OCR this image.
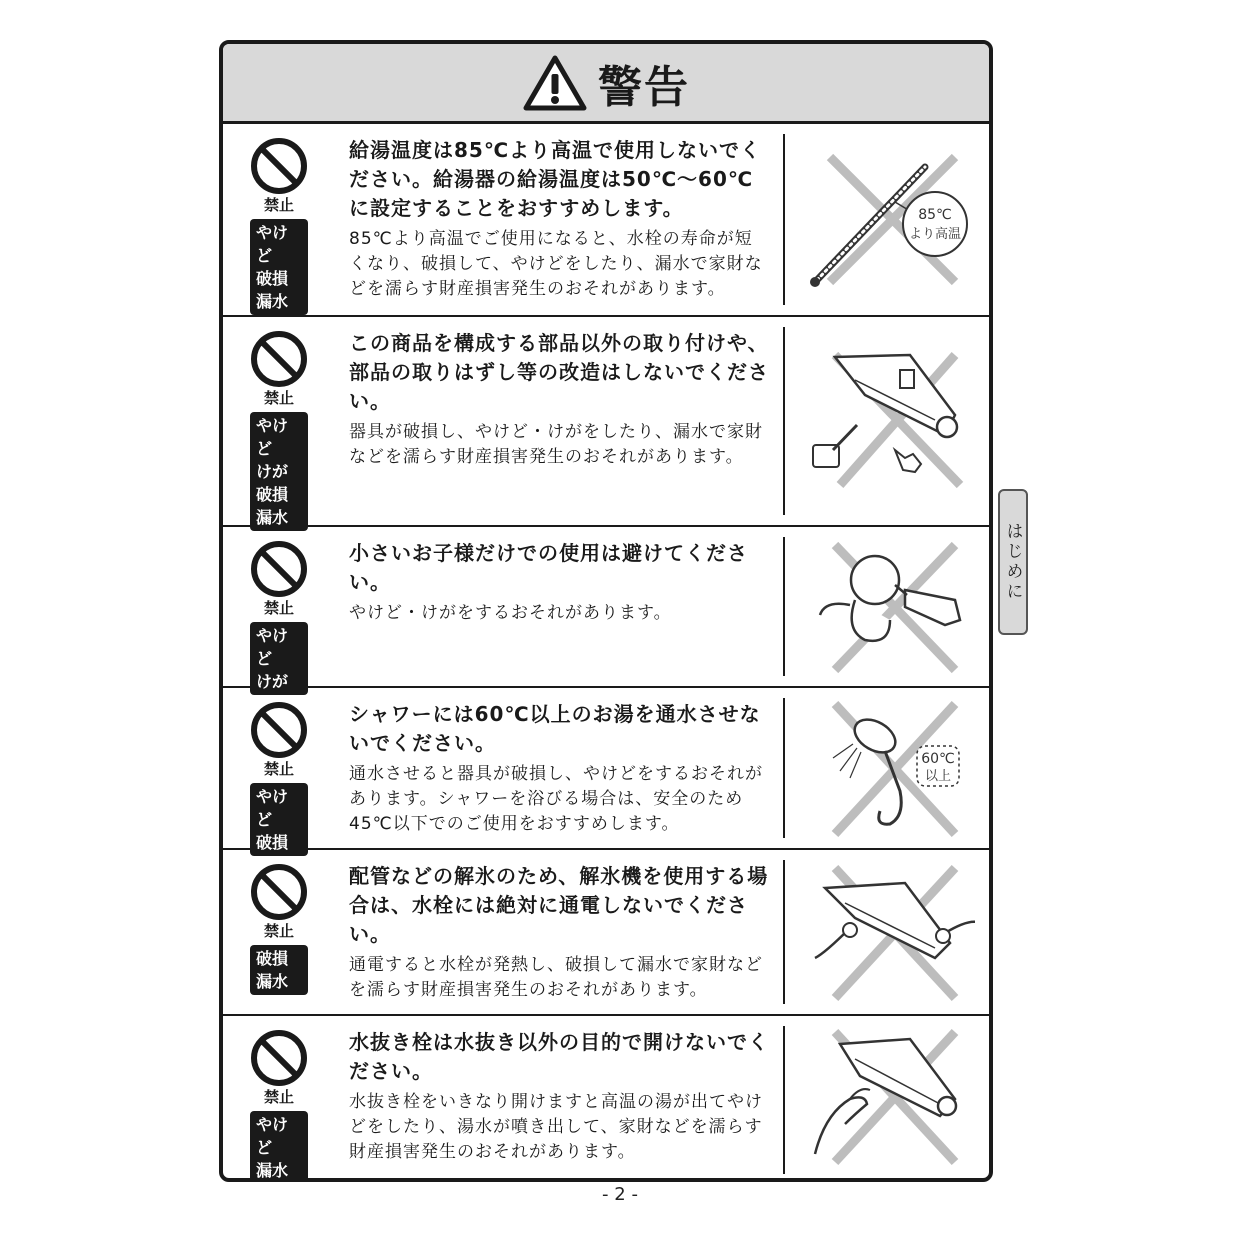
警告
禁止
やけど
破損
漏水
給湯温度は85℃より高温で使用しないでください。給湯器の給湯温度は50℃～60℃に設定することをおすすめします。
85℃より高温でご使用になると、水栓の寿命が短くなり、破損して、やけどをしたり、漏水で家財などを濡らす財産損害発生のおそれがあります。
85℃
より高温
禁止
やけど
けが
破損
漏水
この商品を構成する部品以外の取り付けや、部品の取りはずし等の改造はしないでください。
器具が破損し、やけど・けがをしたり、漏水で家財などを濡らす財産損害発生のおそれがあります。
禁止
やけど
けが
小さいお子様だけでの使用は避けてください。
やけど・けがをするおそれがあります。
禁止
やけど
破損
シャワーには60℃以上のお湯を通水させないでください。
通水させると器具が破損し、やけどをするおそれがあります。シャワーを浴びる場合は、安全のため45℃以下でのご使用をおすすめします。
60℃
以上
禁止
破損
漏水
配管などの解氷のため、解氷機を使用する場合は、水栓には絶対に通電しないでください。
通電すると水栓が発熱し、破損して漏水で家財などを濡らす財産損害発生のおそれがあります。
禁止
やけど
漏水
水抜き栓は水抜き以外の目的で開けないでください。
水抜き栓をいきなり開けますと高温の湯が出てやけどをしたり、湯水が噴き出して、家財などを濡らす財産損害発生のおそれがあります。
はじめに
- 2 -
